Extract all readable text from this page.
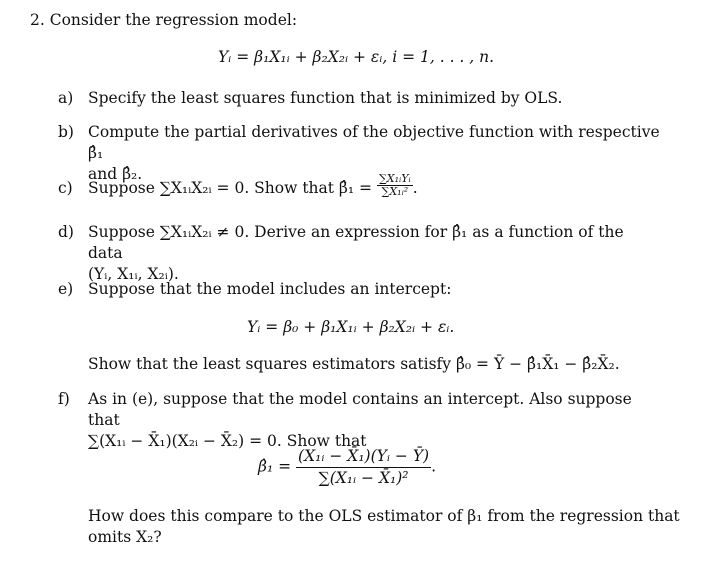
2. Consider the regression model:
Yᵢ = β₁X₁ᵢ + β₂X₂ᵢ + εᵢ, i = 1, . . . , n.
a) Specify the least squares function that is minimized by OLS.
b) Compute the partial derivatives of the objective function with respective β̂₁
and β̂₂.
c) Suppose ∑X₁ᵢX₂ᵢ = 0. Show that β̂₁ = $\frac{\text{∑X₁ᵢYᵢ}}{\text{∑X₁ᵢ²}}$ .
d) Suppose ∑X₁ᵢX₂ᵢ ≠ 0. Derive an expression for β̂₁ as a function of the data
(Yᵢ, X₁ᵢ, X₂ᵢ).
e) Suppose that the model includes an intercept:
Yᵢ = β₀ + β₁X₁ᵢ + β₂X₂ᵢ + εᵢ.
Show that the least squares estimators satisfy β̂₀ = Ȳ − β̂₁X̄₁ − β̂₂X̄₂.
f) As in (e), suppose that the model contains an intercept. Also suppose that
∑(X₁ᵢ − X̄₁)(X₂ᵢ − X̄₂) = 0. Show that
β̂₁ = $\frac{\text{(X₁ᵢ − X̄₁)(Yᵢ − Ȳ)}}{\text{∑(X₁ᵢ − X̄₁)²}}$ .
How does this compare to the OLS estimator of β₁ from the regression that
omits X₂?
